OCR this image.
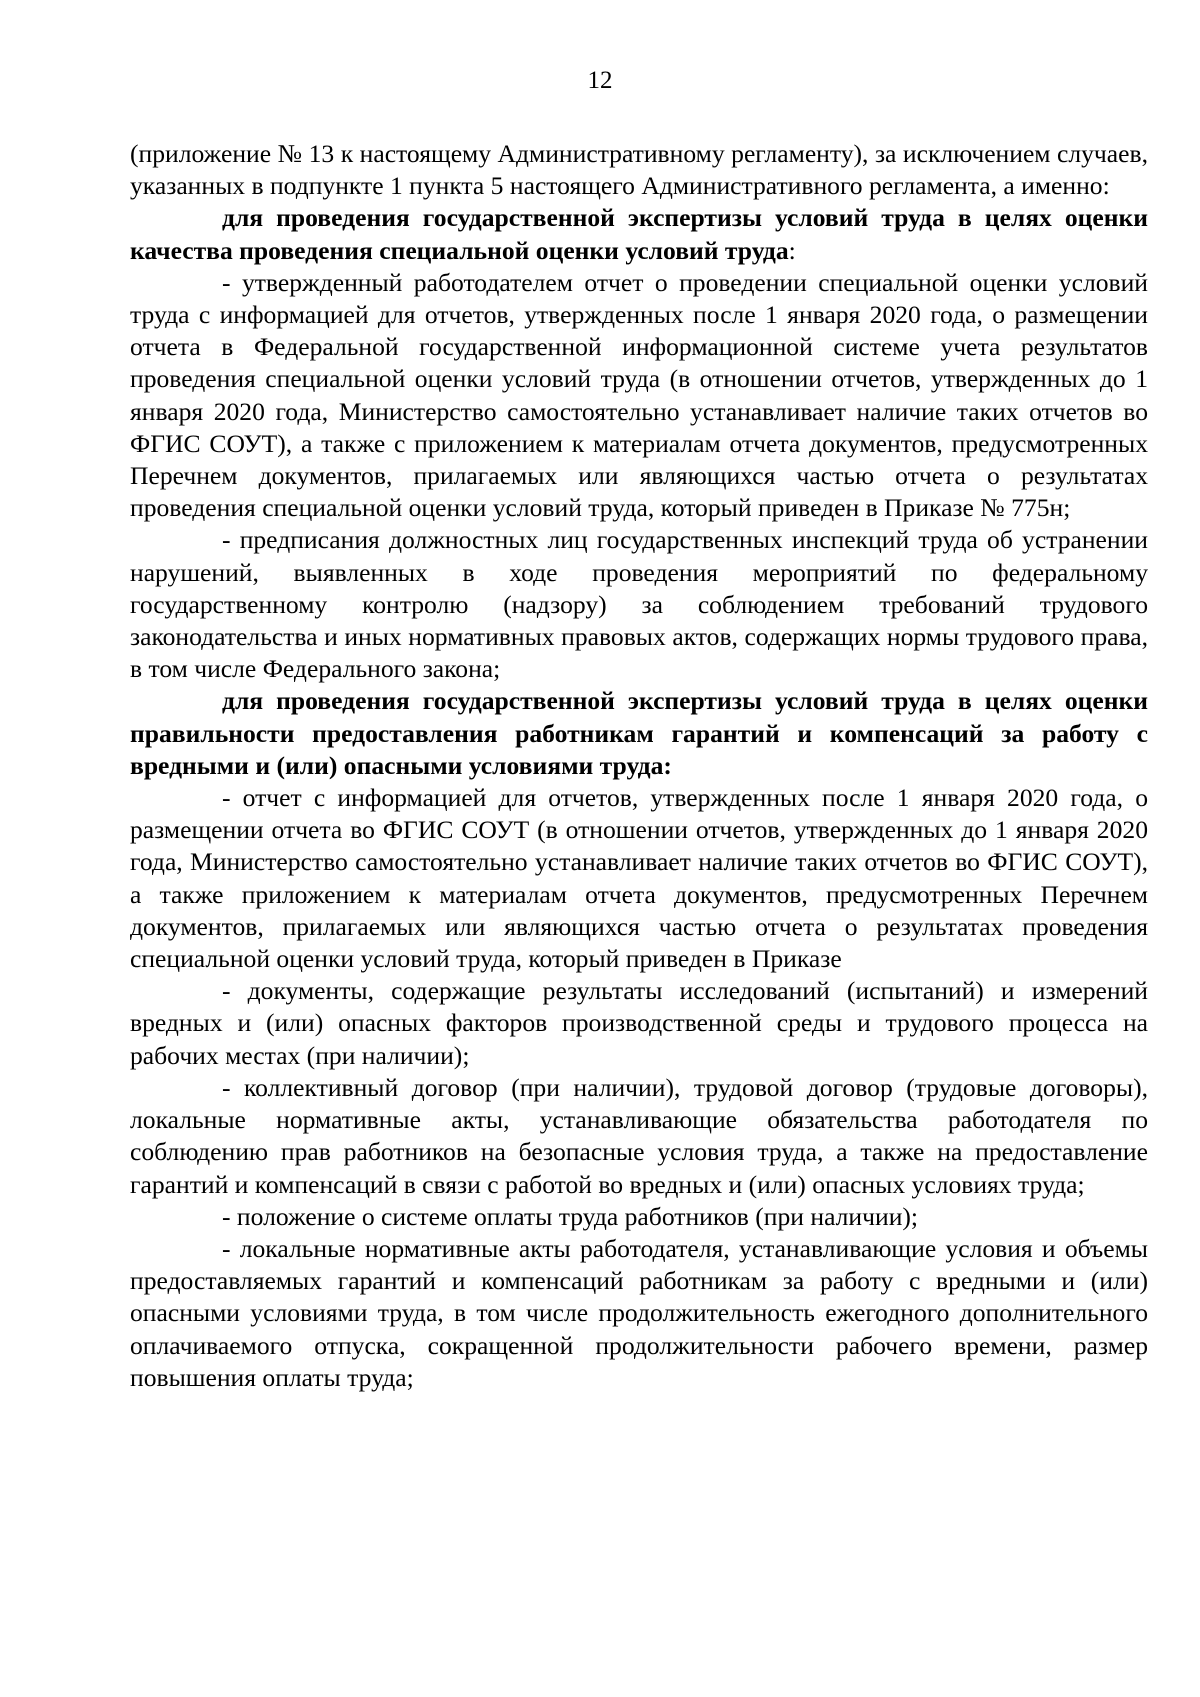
12

(приложение № 13 к настоящему Административному регламенту), за исключением случаев, указанных в подпункте 1 пункта 5 настоящего Административного регламента, а именно:

для проведения государственной экспертизы условий труда в целях оценки качества проведения специальной оценки условий труда:

- утвержденный работодателем отчет о проведении специальной оценки условий труда с информацией для отчетов, утвержденных после 1 января 2020 года, о размещении отчета в Федеральной государственной информационной системе учета результатов проведения специальной оценки условий труда (в отношении отчетов, утвержденных до 1 января 2020 года, Министерство самостоятельно устанавливает наличие таких отчетов во ФГИС СОУТ), а также с приложением к материалам отчета документов, предусмотренных Перечнем документов, прилагаемых или являющихся частью отчета о результатах проведения специальной оценки условий труда, который приведен в Приказе № 775н;

- предписания должностных лиц государственных инспекций труда об устранении нарушений, выявленных в ходе проведения мероприятий по федеральному государственному контролю (надзору) за соблюдением требований трудового законодательства и иных нормативных правовых актов, содержащих нормы трудового права, в том числе Федерального закона;

для проведения государственной экспертизы условий труда в целях оценки правильности предоставления работникам гарантий и компенсаций за работу с вредными и (или) опасными условиями труда:

- отчет с информацией для отчетов, утвержденных после 1 января 2020 года, о размещении отчета во ФГИС СОУТ (в отношении отчетов, утвержденных до 1 января 2020 года, Министерство самостоятельно устанавливает наличие таких отчетов во ФГИС СОУТ), а также приложением к материалам отчета документов, предусмотренных Перечнем документов, прилагаемых или являющихся частью отчета о результатах проведения специальной оценки условий труда, который приведен в Приказе

- документы, содержащие результаты исследований (испытаний) и измерений вредных и (или) опасных факторов производственной среды и трудового процесса на рабочих местах (при наличии);

- коллективный договор (при наличии), трудовой договор (трудовые договоры), локальные нормативные акты, устанавливающие обязательства работодателя по соблюдению прав работников на безопасные условия труда, а также на предоставление гарантий и компенсаций в связи с работой во вредных и (или) опасных условиях труда;

- положение о системе оплаты труда работников (при наличии);

- локальные нормативные акты работодателя, устанавливающие условия и объемы предоставляемых гарантий и компенсаций работникам за работу с вредными и (или) опасными условиями труда, в том числе продолжительность ежегодного дополнительного оплачиваемого отпуска, сокращенной продолжительности рабочего времени, размер повышения оплаты труда;
